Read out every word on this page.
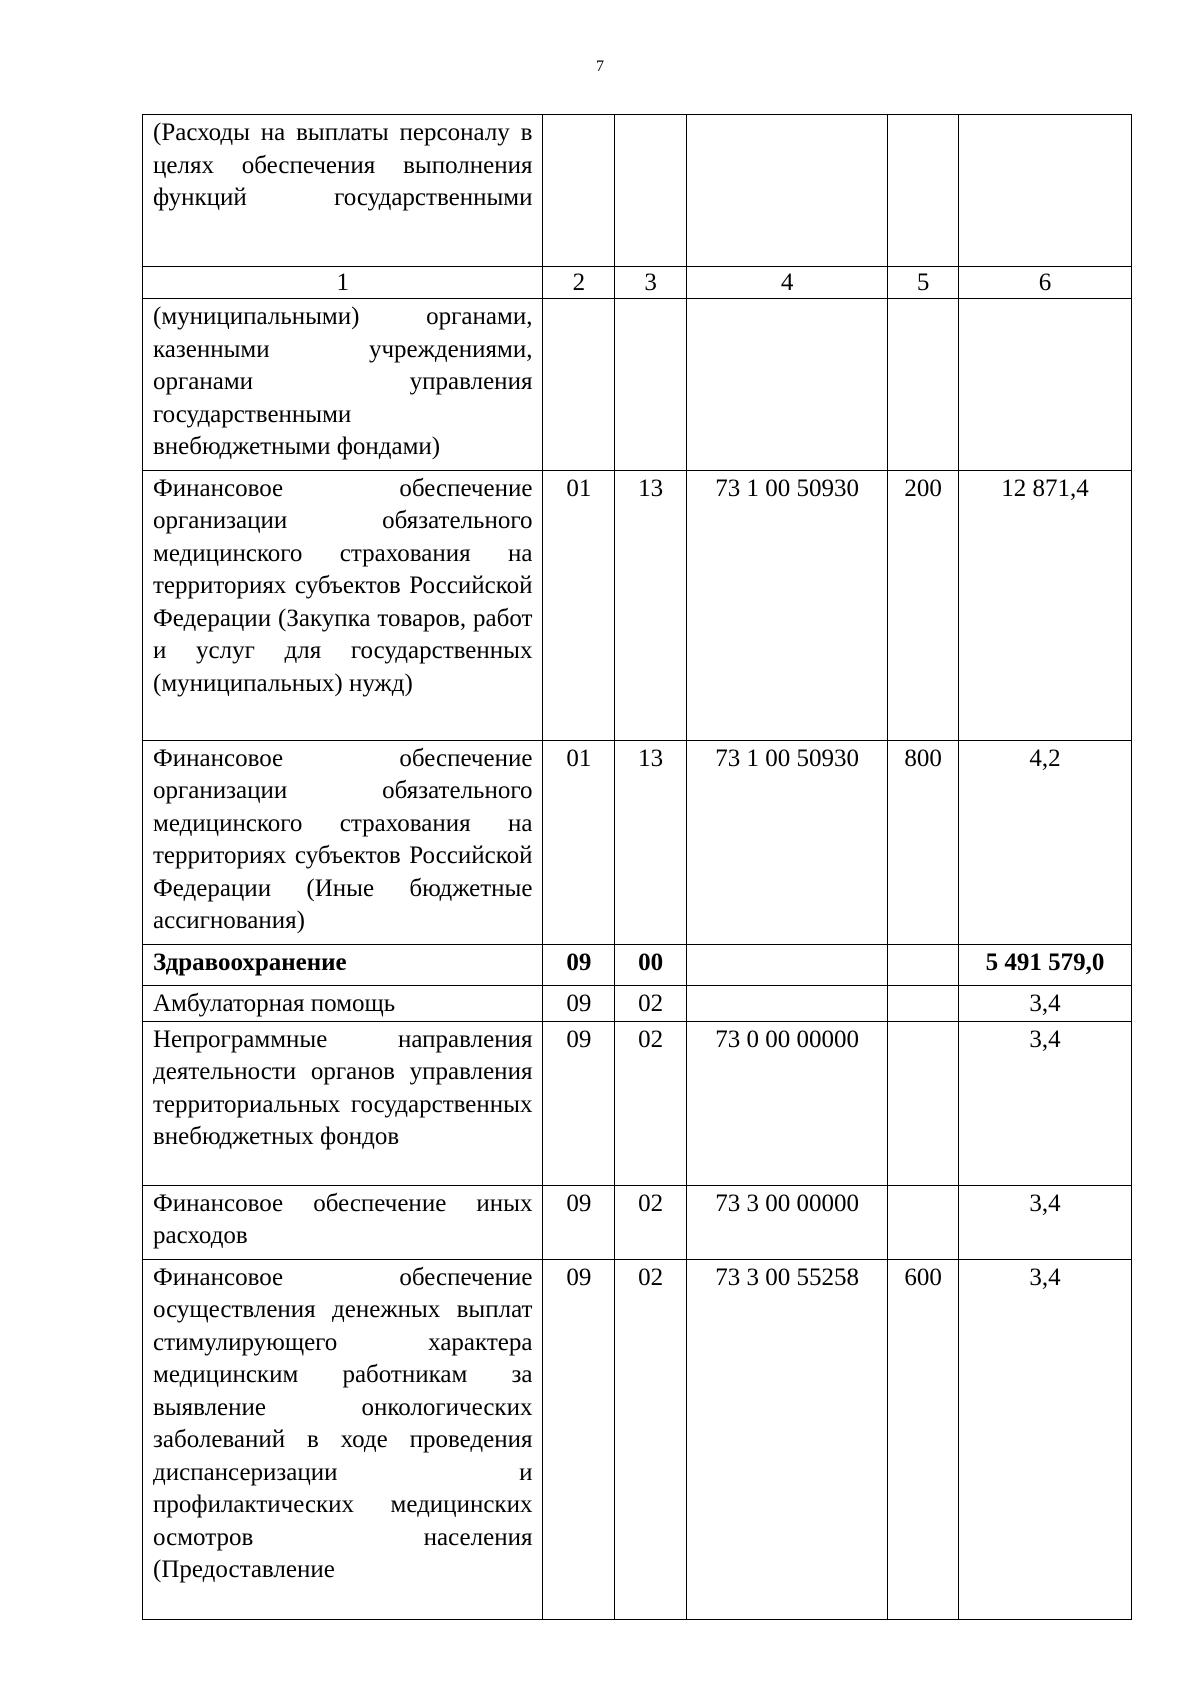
7
(Расходы на выплаты персоналу в целях обеспечения выполнения функций государственными					

1	2	3	4	5	6

(муниципальными) органами, казенными учреждениями, органами управления государственными внебюджетными фондами)					

Финансовое обеспечение организации обязательного медицинского страхования на территориях субъектов Российской Федерации (Закупка товаров, работ и услуг для государственных (муниципальных) нужд)	01	13	73 1 00 50930	200	12 871,4

Финансовое обеспечение организации обязательного медицинского страхования на территориях субъектов Российской Федерации (Иные бюджетные ассигнования)	01	13	73 1 00 50930	800	4,2

Здравоохранение	09	00			5 491 579,0

Амбулаторная помощь	09	02			3,4

Непрограммные направления деятельности органов управления территориальных государственных внебюджетных фондов	09	02	73 0 00 00000		3,4

Финансовое обеспечение иных расходов	09	02	73 3 00 00000		3,4

Финансовое обеспечение осуществления денежных выплат стимулирующего характера медицинским работникам за выявление онкологических заболеваний в ходе проведения диспансеризации и профилактических медицинских осмотров населения (Предоставление	09	02	73 3 00 55258	600	3,4
